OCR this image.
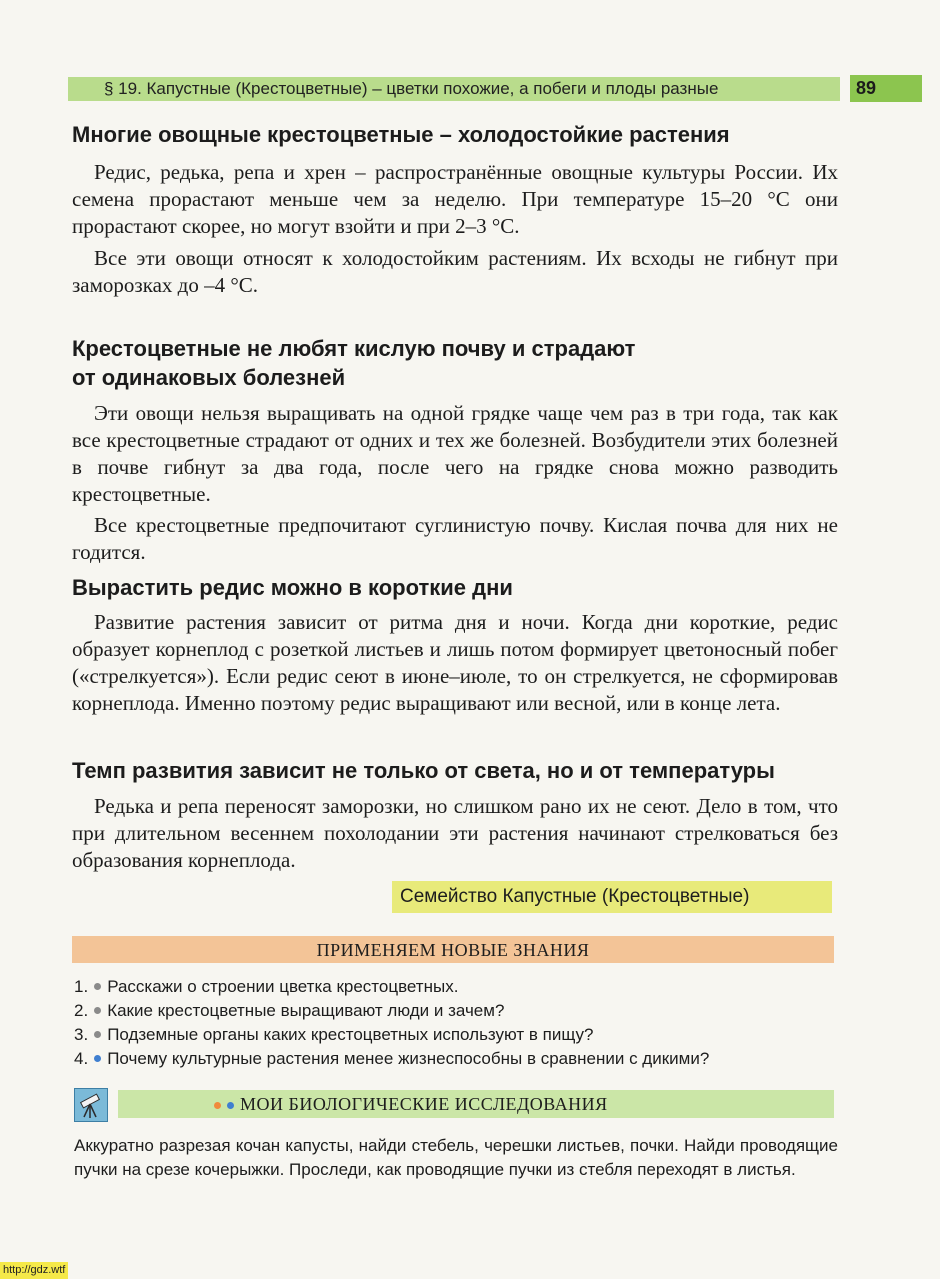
§ 19. Капустные (Крестоцветные) – цветки похожие, а побеги и плоды разные	89
Многие овощные крестоцветные – холодостойкие растения
Редис, редька, репа и хрен – распространённые овощные культуры России. Их семена прорастают меньше чем за неделю. При температуре 15–20 °С они прорастают скорее, но могут взойти и при 2–3 °С.
Все эти овощи относят к холодостойким растениям. Их всходы не гибнут при заморозках до –4 °С.
Крестоцветные не любят кислую почву и страдают
от одинаковых болезней
Эти овощи нельзя выращивать на одной грядке чаще чем раз в три года, так как все крестоцветные страдают от одних и тех же болезней. Возбудители этих болезней в почве гибнут за два года, после чего на грядке снова можно разводить крестоцветные.
Все крестоцветные предпочитают суглинистую почву. Кислая почва для них не годится.
Вырастить редис можно в короткие дни
Развитие растения зависит от ритма дня и ночи. Когда дни короткие, редис образует корнеплод с розеткой листьев и лишь потом формирует цветоносный побег («стрелкуется»). Если редис сеют в июне–июле, то он стрелкуется, не сформировав корнеплода. Именно поэтому редис выращивают или весной, или в конце лета.
Темп развития зависит не только от света, но и от температуры
Редька и репа переносят заморозки, но слишком рано их не сеют. Дело в том, что при длительном весеннем похолодании эти растения начинают стрелковаться без образования корнеплода.
Семейство Капустные (Крестоцветные)
ПРИМЕНЯЕМ НОВЫЕ ЗНАНИЯ
1. Расскажи о строении цветка крестоцветных.
2. Какие крестоцветные выращивают люди и зачем?
3. Подземные органы каких крестоцветных используют в пищу?
4. Почему культурные растения менее жизнеспособны в сравнении с дикими?
МОИ БИОЛОГИЧЕСКИЕ ИССЛЕДОВАНИЯ
Аккуратно разрезая кочан капусты, найди стебель, черешки листьев, почки. Найди проводящие пучки на срезе кочерыжки. Проследи, как проводящие пучки из стебля переходят в листья.
http://gdz.wtf
